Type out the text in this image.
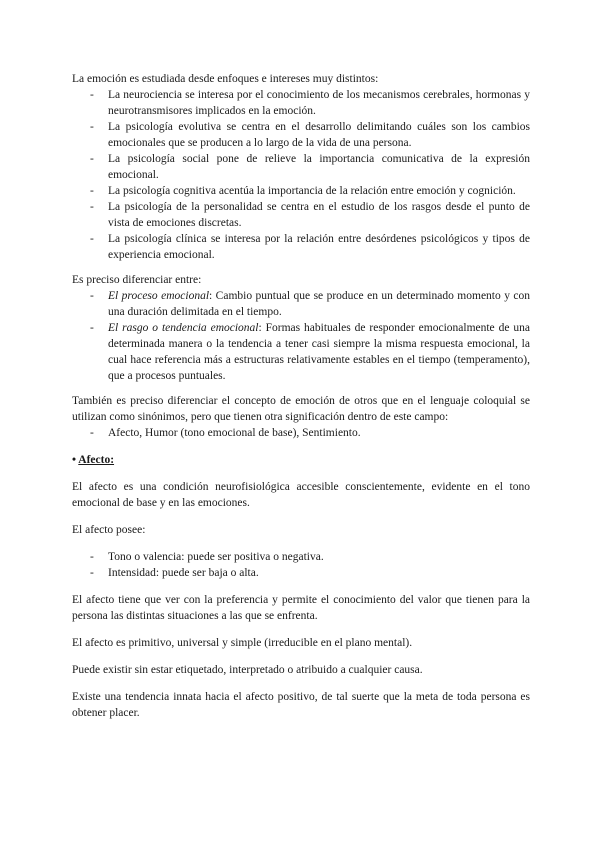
La emoción es estudiada desde enfoques e intereses muy distintos:

- La neurociencia se interesa por el conocimiento de los mecanismos cerebrales, hormonas y neurotransmisores implicados en la emoción.
- La psicología evolutiva se centra en el desarrollo delimitando cuáles son los cambios emocionales que se producen a lo largo de la vida de una persona.
- La psicología social pone de relieve la importancia comunicativa de la expresión emocional.
- La psicología cognitiva acentúa la importancia de la relación entre emoción y cognición.
- La psicología de la personalidad se centra en el estudio de los rasgos desde el punto de vista de emociones discretas.
- La psicología clínica se interesa por la relación entre desórdenes psicológicos y tipos de experiencia emocional.

Es preciso diferenciar entre:

- El proceso emocional: Cambio puntual que se produce en un determinado momento y con una duración delimitada en el tiempo.
- El rasgo o tendencia emocional: Formas habituales de responder emocionalmente de una determinada manera o la tendencia a tener casi siempre la misma respuesta emocional, la cual hace referencia más a estructuras relativamente estables en el tiempo (temperamento), que a procesos puntuales.

También es preciso diferenciar el concepto de emoción de otros que en el lenguaje coloquial se utilizan como sinónimos, pero que tienen otra significación dentro de este campo:

- Afecto, Humor (tono emocional de base), Sentimiento.

• Afecto:

El afecto es una condición neurofisiológica accesible conscientemente, evidente en el tono emocional de base y en las emociones.

El afecto posee:

- Tono o valencia: puede ser positiva o negativa.
- Intensidad: puede ser baja o alta.

El afecto tiene que ver con la preferencia y permite el conocimiento del valor que tienen para la persona las distintas situaciones a las que se enfrenta.

El afecto es primitivo, universal y simple (irreducible en el plano mental).

Puede existir sin estar etiquetado, interpretado o atribuido a cualquier causa.

Existe una tendencia innata hacia el afecto positivo, de tal suerte que la meta de toda persona es obtener placer.
